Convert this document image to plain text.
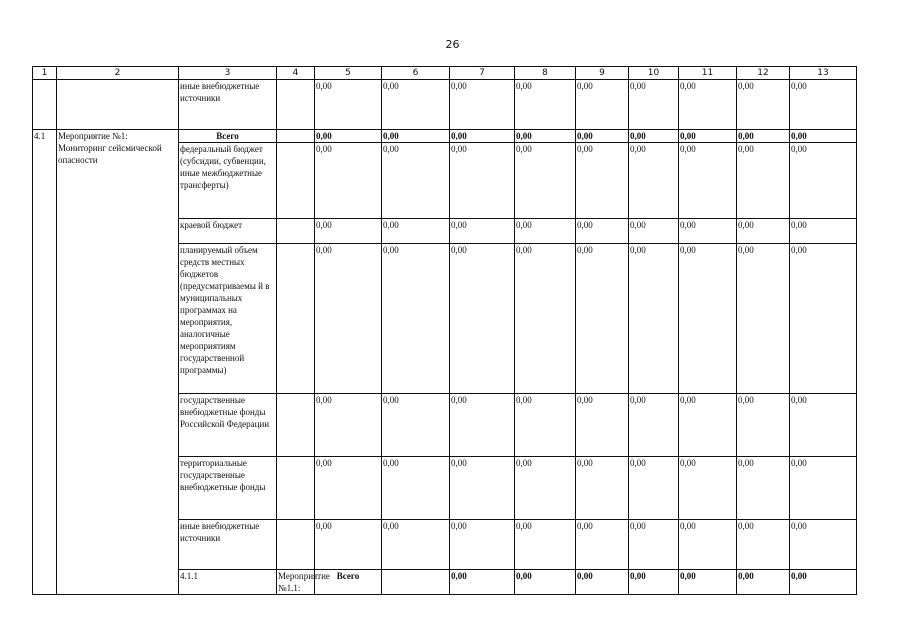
26
1	2	3	4	5	6	7	8	9	10	11	12	13	
		иные внебюджетные источники		0,00	0,00	0,00	0,00	0,00	0,00	0,00	0,00	0,00	
4.1	Мероприятие №1: Мониторинг сейсмической опасности	Всего		0,00	0,00	0,00	0,00	0,00	0,00	0,00	0,00	0,00	
		федеральный бюджет (субсидии, субвенции, иные межбюджетные трансферты)		0,00	0,00	0,00	0,00	0,00	0,00	0,00	0,00	0,00	
		краевой бюджет		0,00	0,00	0,00	0,00	0,00	0,00	0,00	0,00	0,00	
		планируемый объем средств местных бюджетов (предусматриваемы й в муниципальных программах на мероприятия, аналогичные мероприятиям государственной программы)		0,00	0,00	0,00	0,00	0,00	0,00	0,00	0,00	0,00	
		государственные внебюджетные фонды Российской Федерации		0,00	0,00	0,00	0,00	0,00	0,00	0,00	0,00	0,00	
		территориальные государственные внебюджетные фонды		0,00	0,00	0,00	0,00	0,00	0,00	0,00	0,00	0,00	
		иные внебюджетные источники		0,00	0,00	0,00	0,00	0,00	0,00	0,00	0,00	0,00	
		4.1.1	Мероприятие №1.1:	Всего		0,00	0,00	0,00	0,00	0,00	0,00	0,00		
